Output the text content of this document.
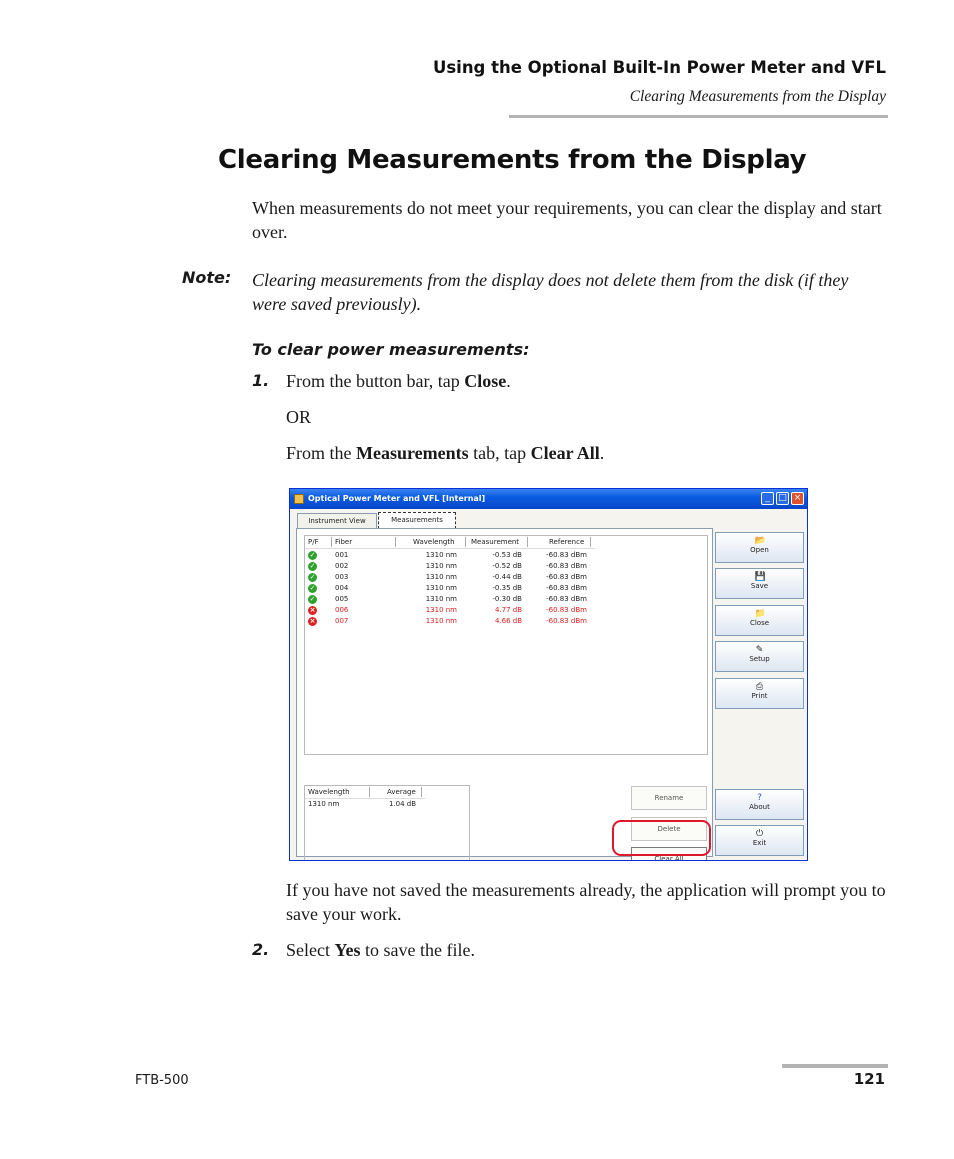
Using the Optional Built-In Power Meter and VFL
Clearing Measurements from the Display
Clearing Measurements from the Display
When measurements do not meet your requirements, you can clear the display and start over.
Note: Clearing measurements from the display does not delete them from the disk (if they were saved previously).
To clear power measurements:
1. From the button bar, tap Close.
OR
From the Measurements tab, tap Clear All.
Optical Power Meter and VFL [Internal]	_ □ ×
Instrument View	Measurements
P/F Fiber	Wavelength Measurement	Reference
✓	001	1310 nm	-0.53 dB	-60.83 dBm
✓	002	1310 nm	-0.52 dB	-60.83 dBm
✓	003	1310 nm	-0.44 dB	-60.83 dBm
✓	004	1310 nm	-0.35 dB	-60.83 dBm
✓	005	1310 nm	-0.30 dB	-60.83 dBm
×	006	1310 nm	4.77 dB	-60.83 dBm
×	007	1310 nm	4.66 dB	-60.83 dBm
Wavelength	Average
1310 nm	1.04 dB
Rename
Delete
Clear All
📂
Open
💾
Save
📁
Close
✎
Setup
⎙
Print
?
About
⏻
Exit
If you have not saved the measurements already, the application will prompt you to save your work.
2. Select Yes to save the file.
FTB-500	121
